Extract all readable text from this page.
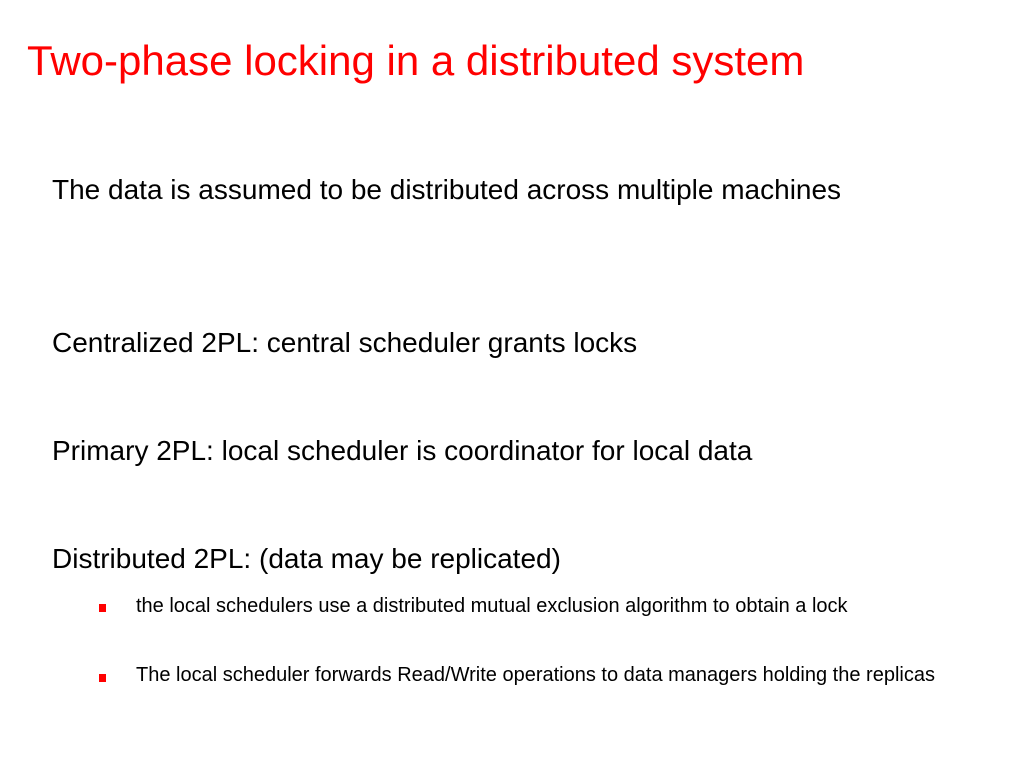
Two-phase locking in a distributed system

The data is assumed to be distributed across multiple machines

Centralized 2PL: central scheduler grants locks

Primary 2PL: local scheduler is coordinator for local data

Distributed 2PL: (data may be replicated)

the local schedulers use a distributed mutual exclusion algorithm to obtain a lock
The local scheduler forwards Read/Write operations to data managers holding the replicas
